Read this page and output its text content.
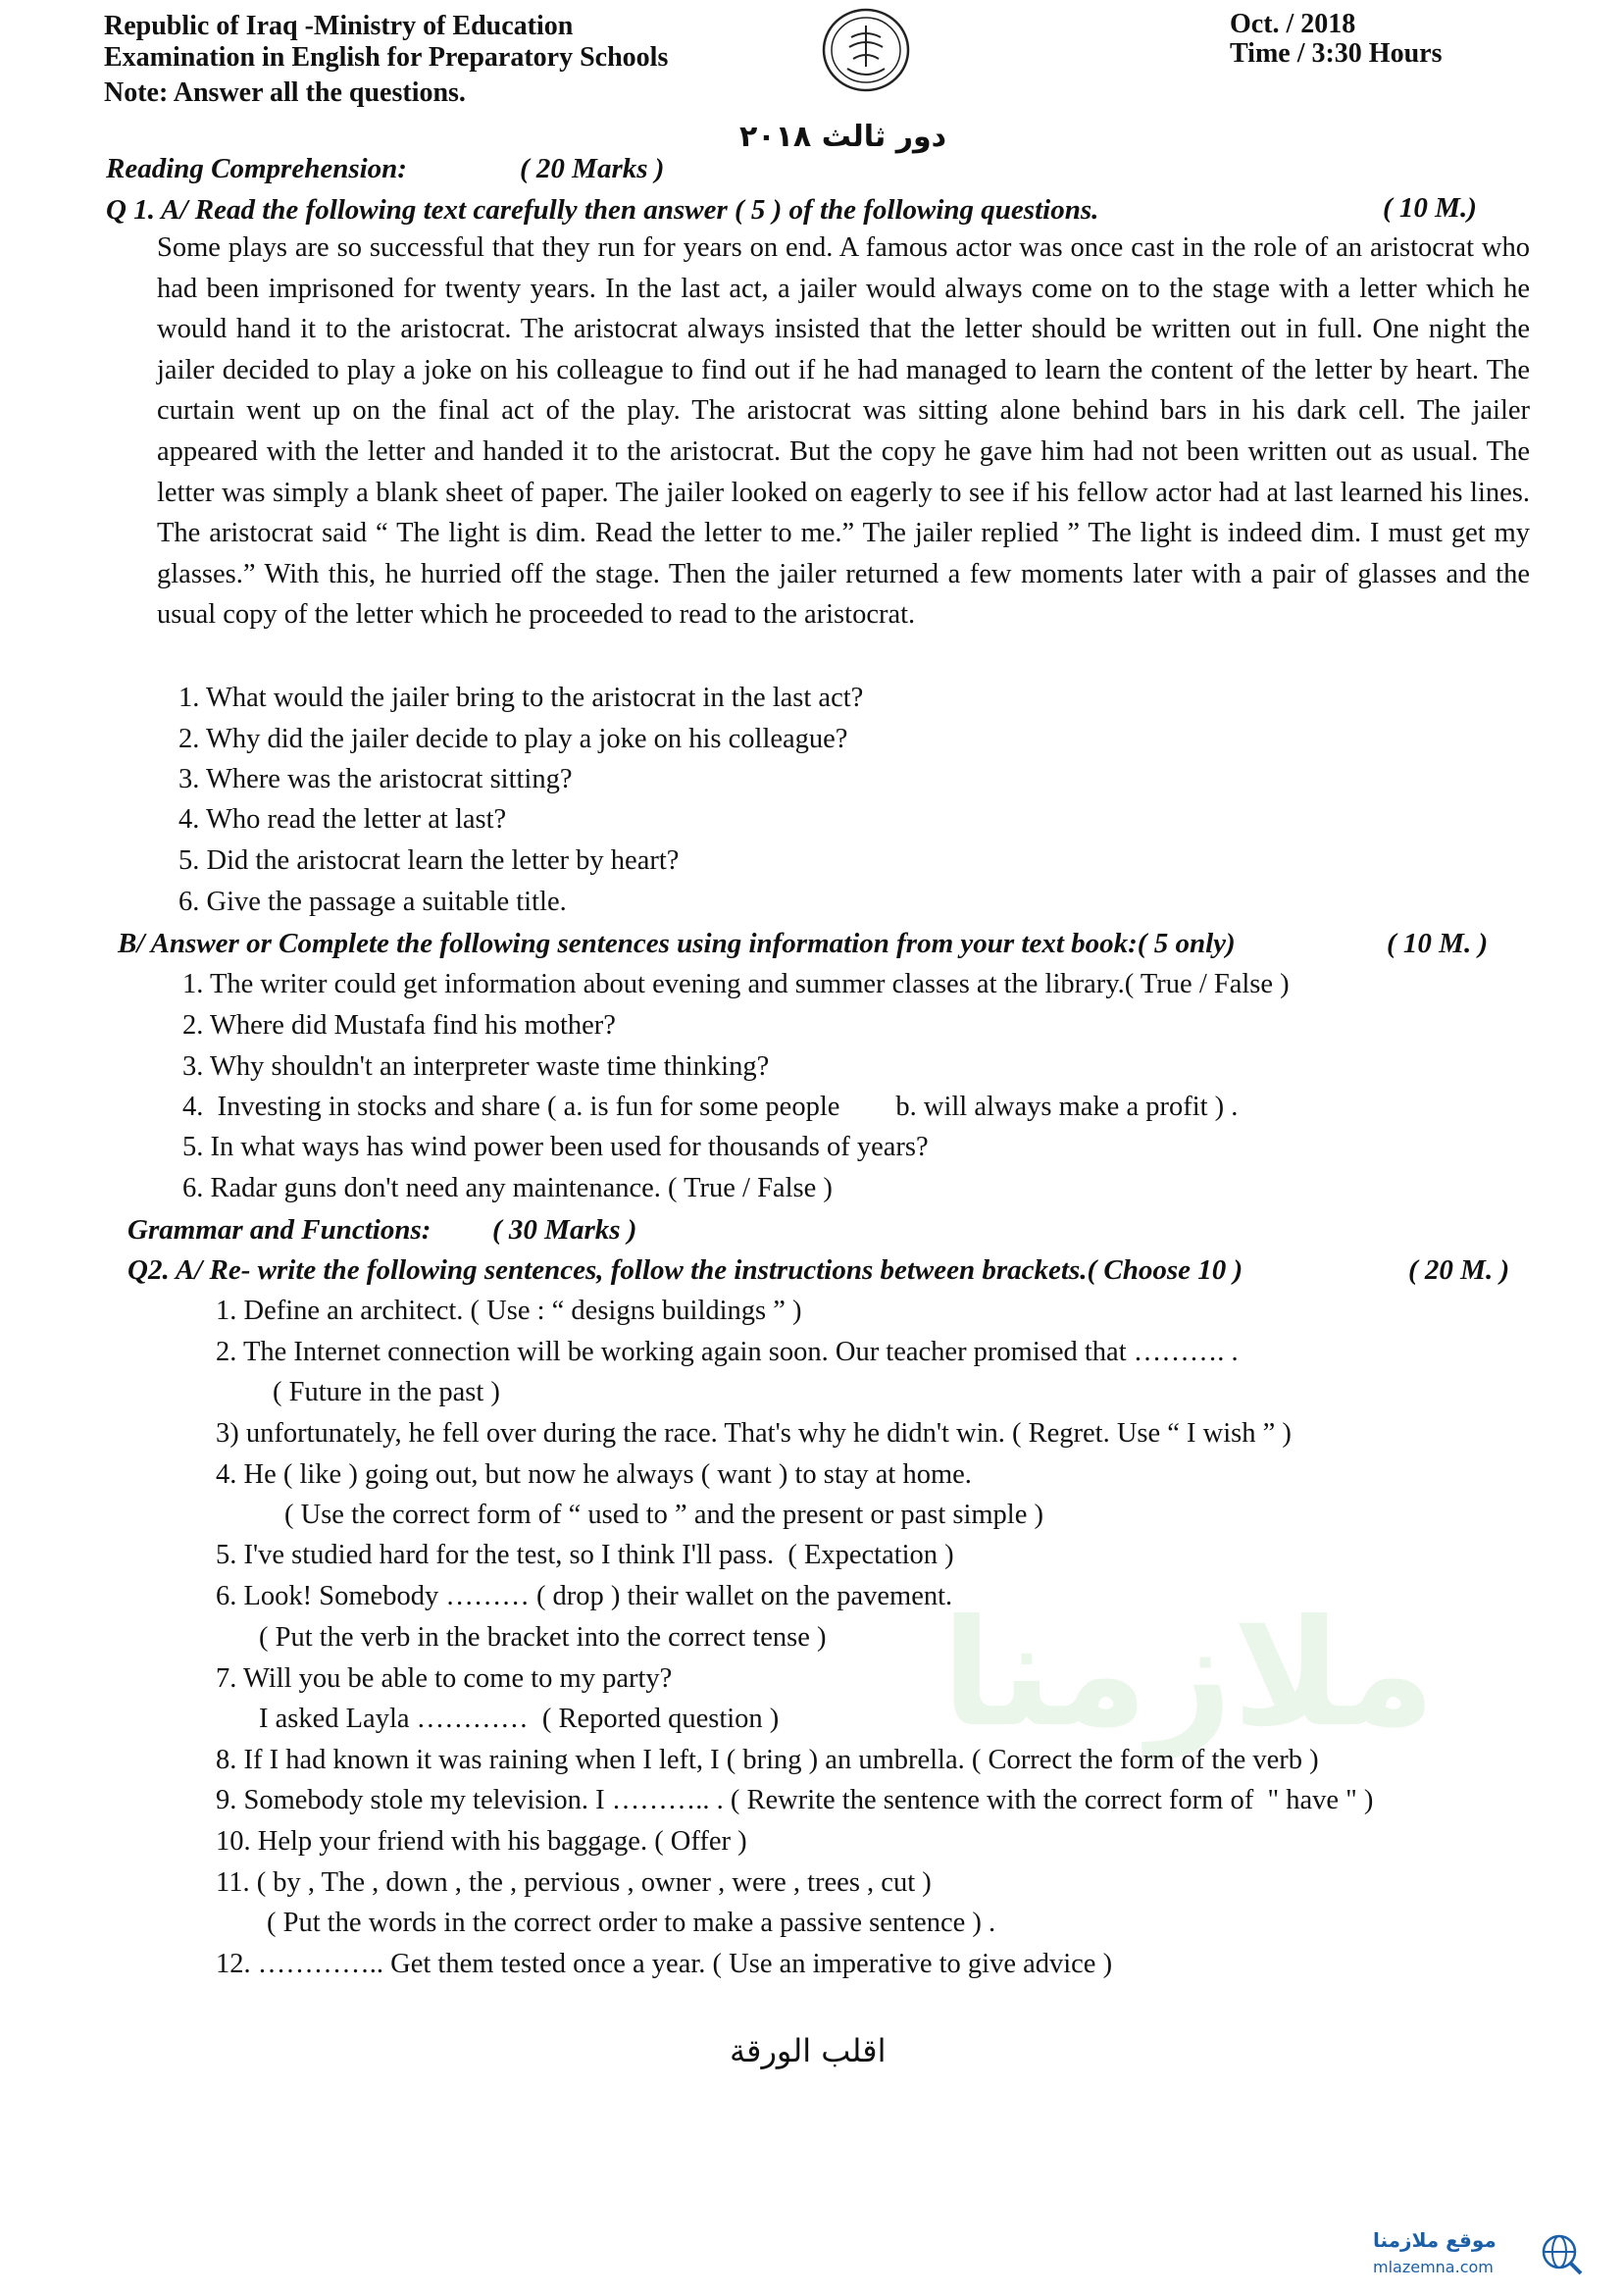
ملازمنا
Republic of Iraq -Ministry of Education
Examination in English for Preparatory Schools
Note: Answer all the questions.
Oct. / 2018
Time / 3:30 Hours
دور ثالث ٢٠١٨
Reading Comprehension:	( 20 Marks )
Q 1. A/ Read the following text carefully then answer ( 5 ) of the following questions.	( 10 M.)
Some plays are so successful that they run for years on end. A famous actor was once cast in the role of an aristocrat who had been imprisoned for twenty years. In the last act, a jailer would always come on to the stage with a letter which he would hand it to the aristocrat. The aristocrat always insisted that the letter should be written out in full. One night the jailer decided to play a joke on his colleague to find out if he had managed to learn the content of the letter by heart. The curtain went up on the final act of the play. The aristocrat was sitting alone behind bars in his dark cell. The jailer appeared with the letter and handed it to the aristocrat. But the copy he gave him had not been written out as usual. The letter was simply a blank sheet of paper. The jailer looked on eagerly to see if his fellow actor had at last learned his lines. The aristocrat said “ The light is dim. Read the letter to me.” The jailer replied ” The light is indeed dim. I must get my glasses.” With this, he hurried off the stage. Then the jailer returned a few moments later with a pair of glasses and the usual copy of the letter which he proceeded to read to the aristocrat.
1. What would the jailer bring to the aristocrat in the last act?
2. Why did the jailer decide to play a joke on his colleague?
3. Where was the aristocrat sitting?
4. Who read the letter at last?
5. Did the aristocrat learn the letter by heart?
6. Give the passage a suitable title.
B/ Answer or Complete the following sentences using information from your text book:( 5 only)	( 10 M. )
1. The writer could get information about evening and summer classes at the library.( True / False )
2. Where did Mustafa find his mother?
3. Why shouldn't an interpreter waste time thinking?
4.  Investing in stocks and share ( a. is fun for some people        b. will always make a profit ) .
5. In what ways has wind power been used for thousands of years?
6. Radar guns don't need any maintenance. ( True / False )
Grammar and Functions: ( 30 Marks )
Q2. A/ Re- write the following sentences, follow the instructions between brackets.( Choose 10 )	( 20 M. )
1. Define an architect. ( Use : “ designs buildings ” )
2. The Internet connection will be working again soon. Our teacher promised that ………. .
( Future in the past )
3) unfortunately, he fell over during the race. That's why he didn't win. ( Regret. Use “ I wish ” )
4. He ( like ) going out, but now he always ( want ) to stay at home.
( Use the correct form of “ used to ” and the present or past simple )
5. I've studied hard for the test, so I think I'll pass.  ( Expectation )
6. Look! Somebody ……… ( drop ) their wallet on the pavement.
( Put the verb in the bracket into the correct tense )
7. Will you be able to come to my party?
I asked Layla …………  ( Reported question )
8. If I had known it was raining when I left, I ( bring ) an umbrella. ( Correct the form of the verb )
9. Somebody stole my television. I ……….. . ( Rewrite the sentence with the correct form of  " have " )
10. Help your friend with his baggage. ( Offer )
11. ( by , The , down , the , pervious , owner , were , trees , cut )
( Put the words in the correct order to make a passive sentence ) .
12. ………….. Get them tested once a year. ( Use an imperative to give advice )
اقلب الورقة
موقع ملازمنا
mlazemna.com
